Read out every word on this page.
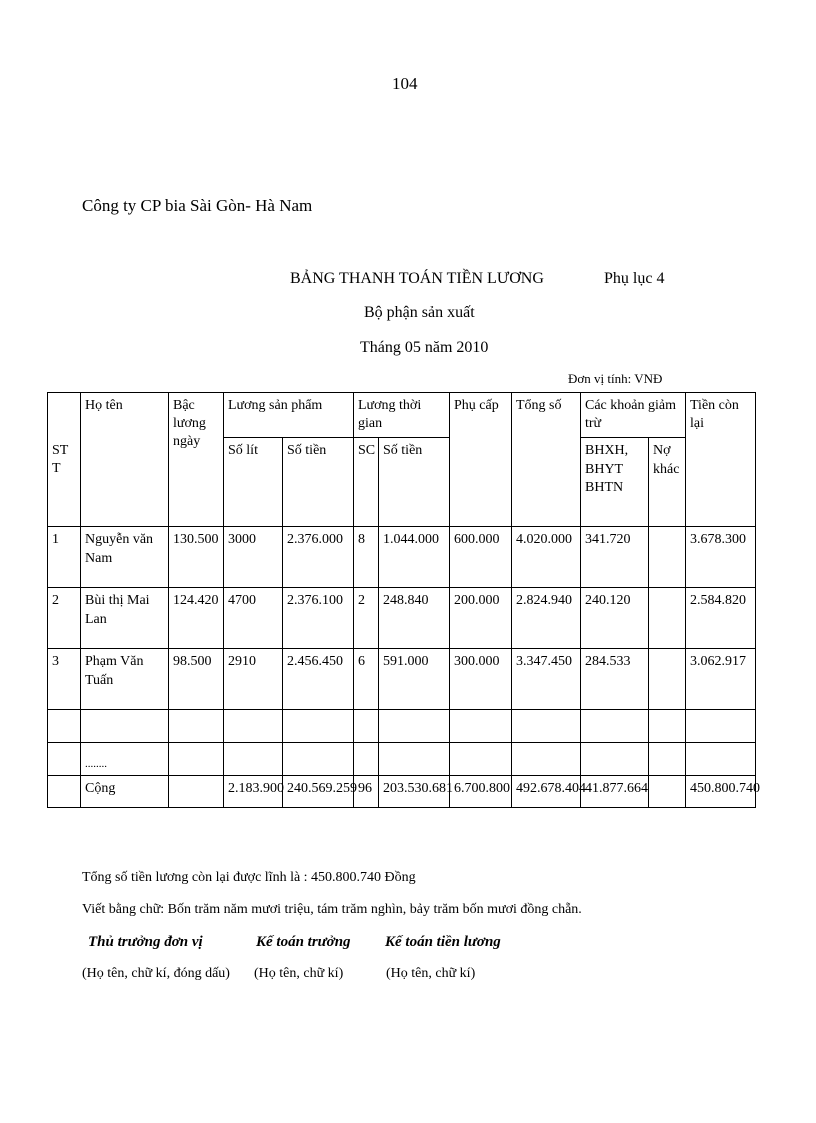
104
Công ty CP bia Sài Gòn- Hà Nam
BẢNG THANH TOÁN TIỀN LƯƠNG	Phụ lục 4
Bộ phận sản xuất
Tháng 05 năm 2010
Đơn vị tính: VNĐ
ST T	Họ tên	Bậc lương ngày	Lương sản phẩm		Lương thời gian		Phụ cấp	Tổng số	Các khoản giảm trừ		Tiền còn lại
			Số lít	Số tiền	SC	Số tiền			BHXH, BHYT BHTN	Nợ khác	
1	Nguyễn văn Nam	130.500	3000	2.376.000	8	1.044.000	600.000	4.020.000	341.720		3.678.300
2	Bùi thị Mai Lan	124.420	4700	2.376.100	2	248.840	200.000	2.824.940	240.120		2.584.820
3	Phạm Văn Tuấn	98.500	2910	2.456.450	6	591.000	300.000	3.347.450	284.533		3.062.917

	........										
	Cộng		2.183.900	240.569.259	96	203.530.681	6.700.800	492.678.404	41.877.664		450.800.740
Tổng số tiền lương còn lại được lĩnh là : 450.800.740 Đồng
Viết bằng chữ: Bốn trăm năm mươi triệu, tám trăm nghìn, bảy trăm bốn mươi đồng chẵn.
Thủ trưởng đơn vị	Kế toán trưởng Kế toán tiền lương
(Họ tên, chữ kí, đóng dấu) (Họ tên, chữ kí)	(Họ tên, chữ kí)
